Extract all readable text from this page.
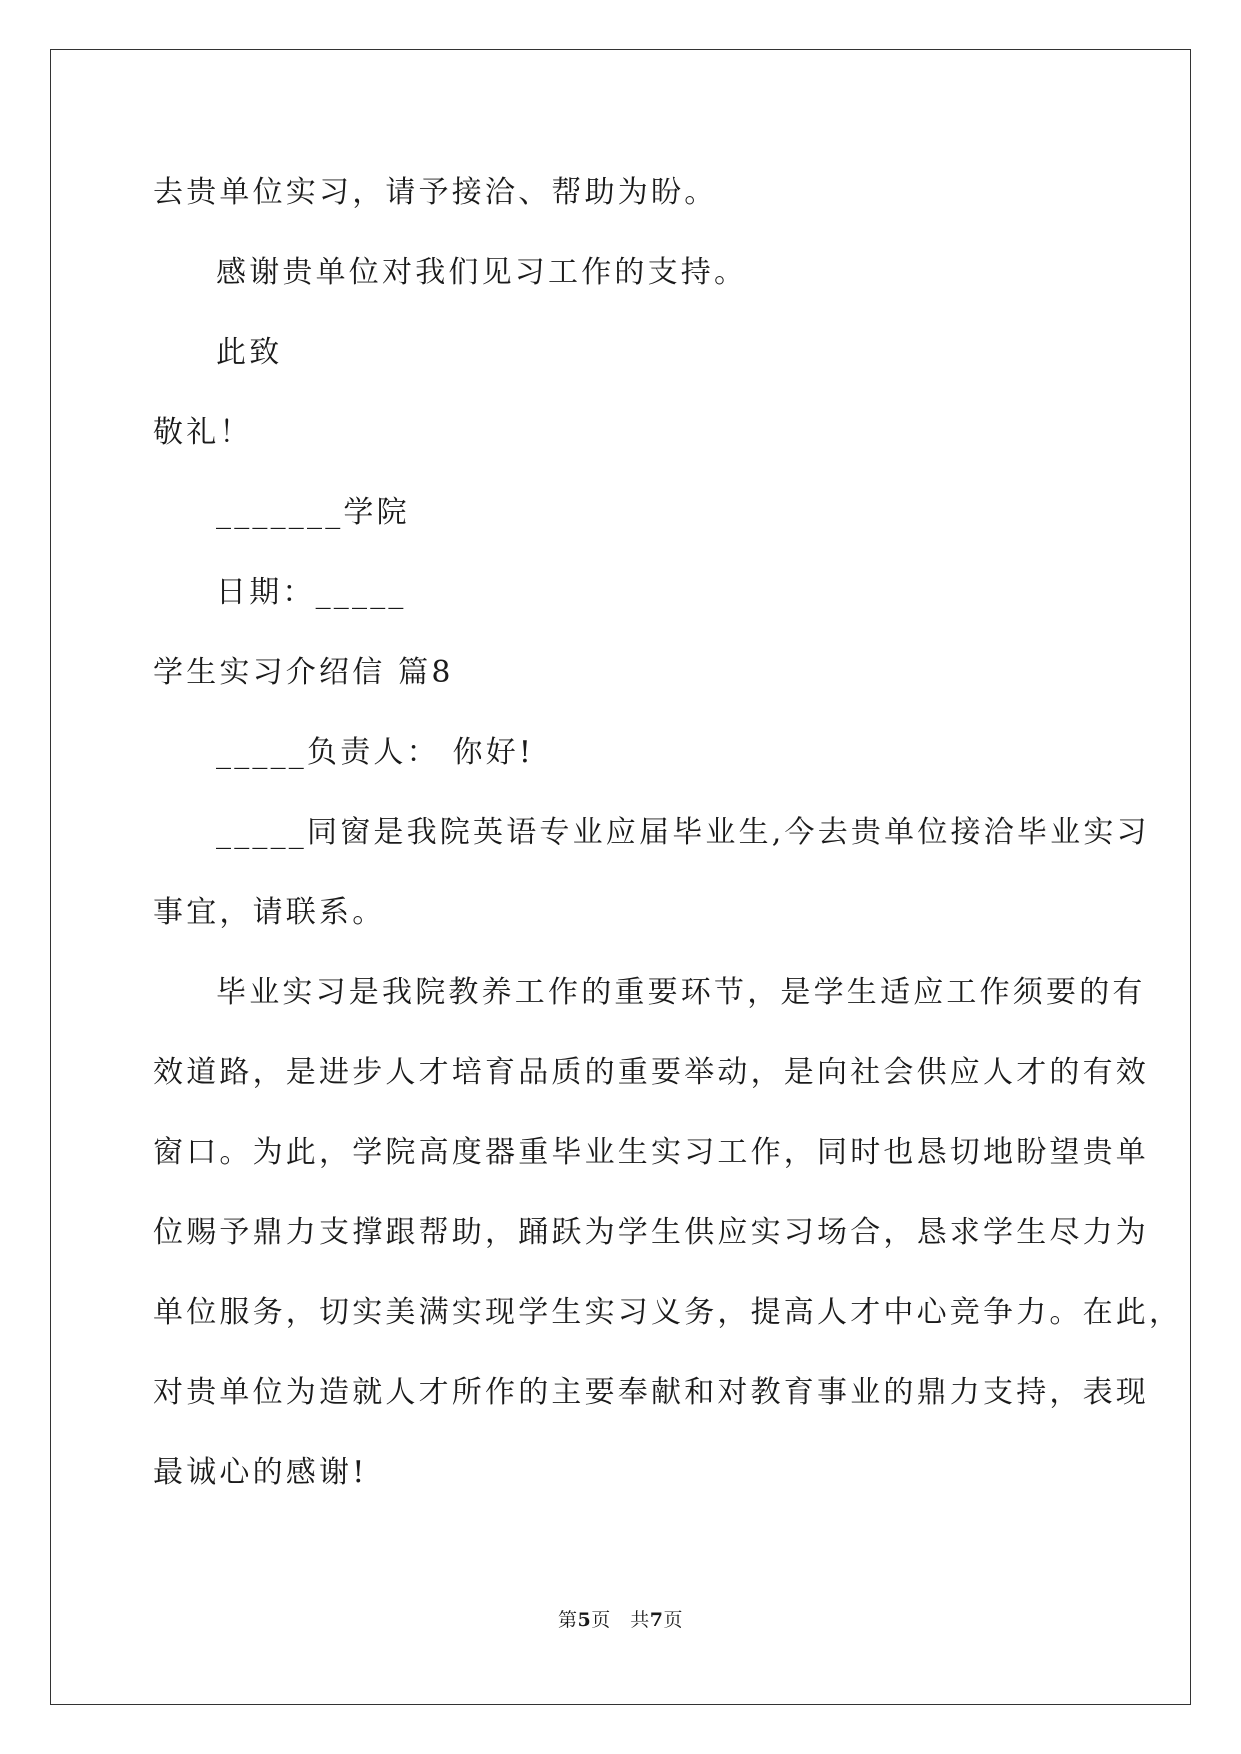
去贵单位实习，请予接洽、帮助为盼。
感谢贵单位对我们见习工作的支持。
此致
敬礼！
_______学院
日期：_____
学生实习介绍信 篇8
_____负责人： 你好!
_____同窗是我院英语专业应届毕业生,今去贵单位接洽毕业实习
事宜，请联系。
毕业实习是我院教养工作的重要环节，是学生适应工作须要的有
效道路，是进步人才培育品质的重要举动，是向社会供应人才的有效
窗口。为此，学院高度器重毕业生实习工作，同时也恳切地盼望贵单
位赐予鼎力支撑跟帮助，踊跃为学生供应实习场合，恳求学生尽力为
单位服务，切实美满实现学生实习义务，提高人才中心竞争力。在此，
对贵单位为造就人才所作的主要奉献和对教育事业的鼎力支持，表现
最诚心的感谢!
第5页　共7页
